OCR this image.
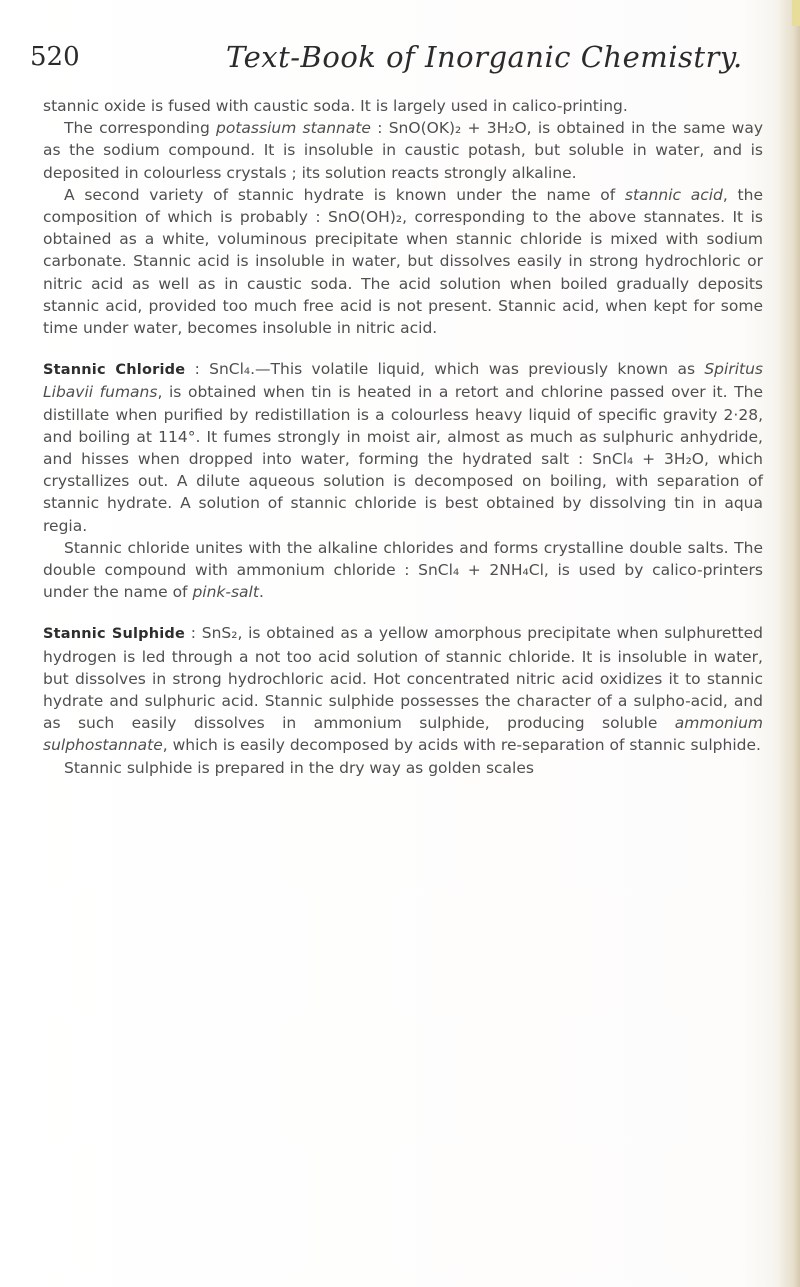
520	Text-Book of Inorganic Chemistry.

stannic oxide is fused with caustic soda. It is largely used in calico-printing.

The corresponding potassium stannate : SnO(OK)₂ + 3H₂O, is obtained in the same way as the sodium compound. It is insoluble in caustic potash, but soluble in water, and is deposited in colourless crystals ; its solution reacts strongly alkaline.

A second variety of stannic hydrate is known under the name of stannic acid, the composition of which is probably : SnO(OH)₂, corresponding to the above stannates. It is obtained as a white, voluminous precipitate when stannic chloride is mixed with sodium carbonate. Stannic acid is insoluble in water, but dissolves easily in strong hydrochloric or nitric acid as well as in caustic soda. The acid solution when boiled gradually deposits stannic acid, provided too much free acid is not present. Stannic acid, when kept for some time under water, becomes insoluble in nitric acid.

Stannic Chloride : SnCl₄.—This volatile liquid, which was previously known as Spiritus Libavii fumans, is obtained when tin is heated in a retort and chlorine passed over it. The distillate when purified by redistillation is a colourless heavy liquid of specific gravity 2·28, and boiling at 114°. It fumes strongly in moist air, almost as much as sulphuric anhydride, and hisses when dropped into water, forming the hydrated salt : SnCl₄ + 3H₂O, which crystallizes out. A dilute aqueous solution is decomposed on boiling, with separation of stannic hydrate. A solution of stannic chloride is best obtained by dissolving tin in aqua regia.

Stannic chloride unites with the alkaline chlorides and forms crystalline double salts. The double compound with ammonium chloride : SnCl₄ + 2NH₄Cl, is used by calico-printers under the name of pink-salt.

Stannic Sulphide : SnS₂, is obtained as a yellow amorphous precipitate when sulphuretted hydrogen is led through a not too acid solution of stannic chloride. It is insoluble in water, but dissolves in strong hydrochloric acid. Hot concentrated nitric acid oxidizes it to stannic hydrate and sulphuric acid. Stannic sulphide possesses the character of a sulpho-acid, and as such easily dissolves in ammonium sulphide, producing soluble ammonium sulphostannate, which is easily decomposed by acids with re-separation of stannic sulphide.

Stannic sulphide is prepared in the dry way as golden scales
